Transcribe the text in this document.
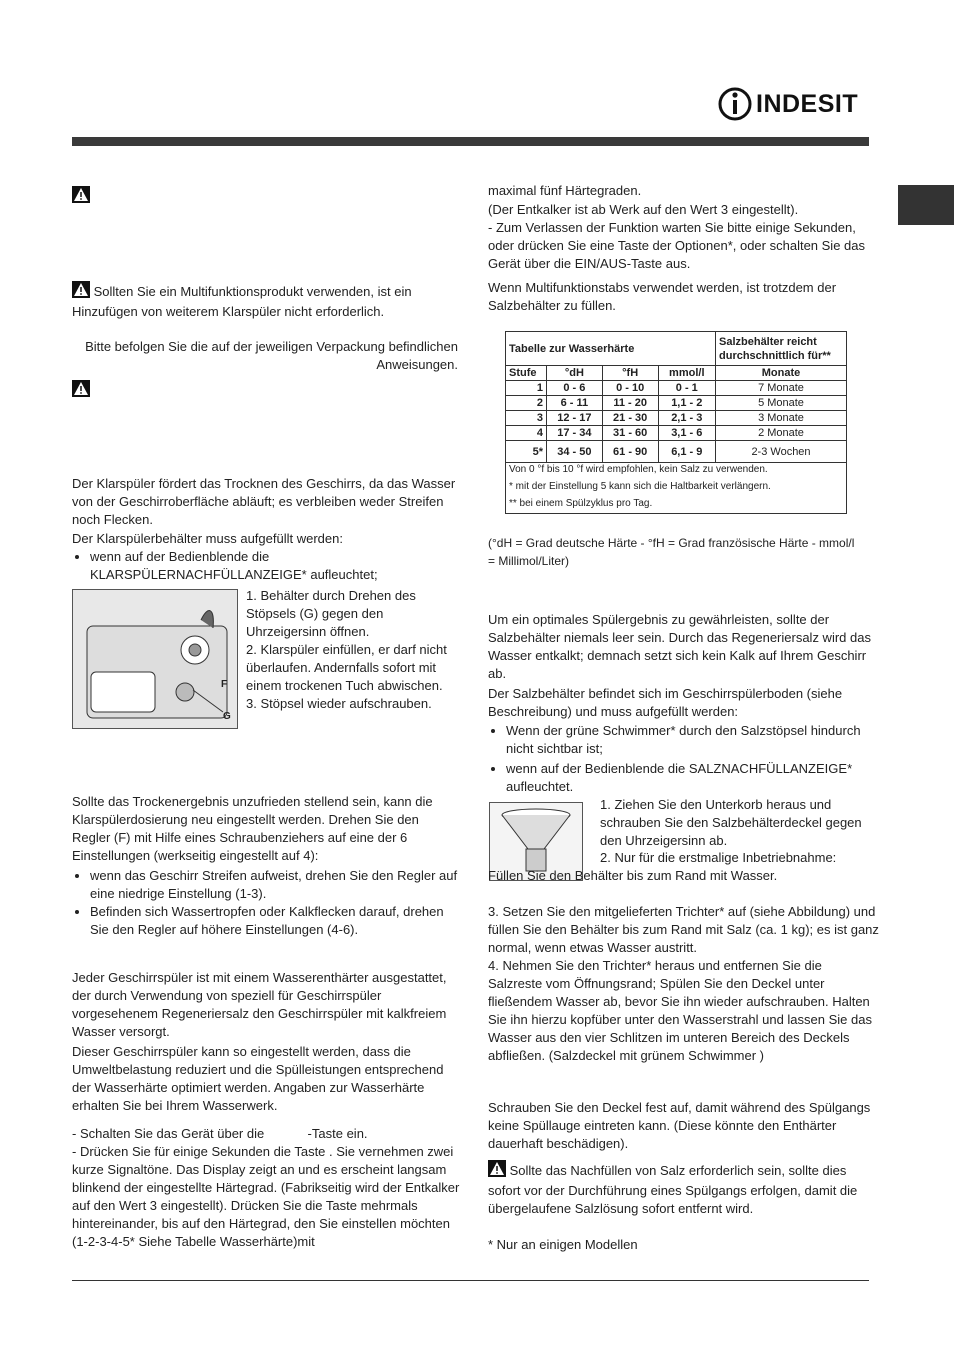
INDESIT

Sollten Sie ein Multifunktionsprodukt verwenden, ist ein Hinzufügen von weiterem Klarspüler nicht erforderlich.

Bitte befolgen Sie die auf der jeweiligen Verpackung befindlichen Anweisungen.

Der Klarspüler fördert das Trocknen des Geschirrs, da das Wasser von der Geschirroberfläche abläuft; es verbleiben weder Streifen noch Flecken.

Der Klarspülerbehälter muss aufgefüllt werden:

• wenn auf der Bedienblende die KLARSPÜLERNACHFÜLLANZEIGE* aufleuchtet;
F
G

1. Behälter durch Drehen des Stöpsels (G) gegen den Uhrzeigersinn öffnen.

2. Klarspüler einfüllen, er darf nicht überlaufen. Andernfalls sofort mit einem trockenen Tuch abwischen.

3. Stöpsel wieder aufschrauben.

Sollte das Trockenergebnis unzufrieden stellend sein, kann die Klarspülerdosierung neu eingestellt werden. Drehen Sie den Regler (F) mit Hilfe eines Schraubenziehers auf eine der 6 Einstellungen (werkseitig eingestellt auf 4):

• wenn das Geschirr Streifen aufweist, drehen Sie den Regler auf eine niedrige Einstellung (1-3).
• Befinden sich Wassertropfen oder Kalkflecken darauf, drehen Sie den Regler auf höhere Einstellungen (4-6).

Jeder Geschirrspüler ist mit einem Wasserenthärter ausgestattet, der durch Verwendung von speziell für Geschirrspüler vorgesehenem Regeneriersalz den Geschirrspüler mit kalkfreiem Wasser versorgt.

Dieser Geschirrspüler kann so eingestellt werden, dass die Umweltbelastung reduziert und die Spülleistungen entsprechend der Wasserhärte optimiert werden. Angaben zur Wasserhärte erhalten Sie bei Ihrem Wasserwerk.

- Schalten Sie das Gerät über die            -Taste ein.

- Drücken Sie für einige Sekunden die Taste . Sie vernehmen zwei kurze Signaltöne. Das Display zeigt an und es erscheint langsam blinkend der eingestellte Härtegrad. (Fabrikseitig wird der Entkalker auf den Wert 3 eingestellt). Drücken Sie die Taste mehrmals hintereinander, bis auf den Härtegrad, den Sie einstellen möchten (1-2-3-4-5* Siehe Tabelle Wasserhärte)mit

maximal fünf Härtegraden.

(Der Entkalker ist ab Werk auf den Wert 3 eingestellt).

- Zum Verlassen der Funktion warten Sie bitte einige Sekunden, oder drücken Sie eine Taste der Optionen*, oder schalten Sie das Gerät über die EIN/AUS-Taste aus.

Wenn Multifunktionstabs verwendet werden, ist trotzdem der Salzbehälter zu füllen.

Tabelle zur Wasserhärte				Salzbehälter reicht durchschnittlich für**
Stufe	°dH	°fH	mmol/l	Monate
1	0 - 6	0 - 10	0 - 1	7 Monate
2	6 - 11	11 - 20	1,1 - 2	5 Monate
3	12 - 17	21 - 30	2,1 - 3	3 Monate
4	17 - 34	31 - 60	3,1 - 6	2 Monate
5*	34 - 50	61 - 90	6,1 - 9	2-3 Wochen
Von 0 °f bis 10 °f wird empfohlen, kein Salz zu verwenden.				
* mit der Einstellung 5 kann sich die Haltbarkeit verlängern.				
** bei einem Spülzyklus pro Tag.				

(°dH = Grad deutsche Härte - °fH = Grad französische Härte - mmol/l = Millimol/Liter)

Um ein optimales Spülergebnis zu gewährleisten, sollte der Salzbehälter niemals leer sein. Durch das Regeneriersalz wird das Wasser entkalkt; demnach setzt sich kein Kalk auf Ihrem Geschirr ab.

Der Salzbehälter befindet sich im Geschirrspülerboden (siehe Beschreibung) und muss aufgefüllt werden:

• Wenn der grüne Schwimmer* durch den Salzstöpsel hindurch nicht sichtbar ist;
• wenn auf der Bedienblende die SALZNACHFÜLLANZEIGE* aufleuchtet.

1. Ziehen Sie den Unterkorb heraus und schrauben Sie den Salzbehälterdeckel gegen den Uhrzeigersinn ab.

2. Nur für die erstmalige Inbetriebnahme: Füllen Sie den Behälter bis zum Rand mit Wasser.

3. Setzen Sie den mitgelieferten Trichter* auf (siehe Abbildung) und füllen Sie den Behälter bis zum Rand mit Salz (ca. 1 kg); es ist ganz normal, wenn etwas Wasser austritt.

4. Nehmen Sie den Trichter* heraus und entfernen Sie die Salzreste vom Öffnungsrand; Spülen Sie den Deckel unter fließendem Wasser ab, bevor Sie ihn wieder aufschrauben. Halten Sie ihn hierzu kopfüber unter den Wasserstrahl und lassen Sie das Wasser aus den vier Schlitzen im unteren Bereich des Deckels abfließen. (Salzdeckel mit grünem Schwimmer )

Schrauben Sie den Deckel fest auf, damit während des Spülgangs keine Spüllauge eintreten kann. (Diese könnte den Enthärter dauerhaft beschädigen).

Sollte das Nachfüllen von Salz erforderlich sein, sollte dies sofort vor der Durchführung eines Spülgangs erfolgen, damit die übergelaufene Salzlösung sofort entfernt wird.

* Nur an einigen Modellen
